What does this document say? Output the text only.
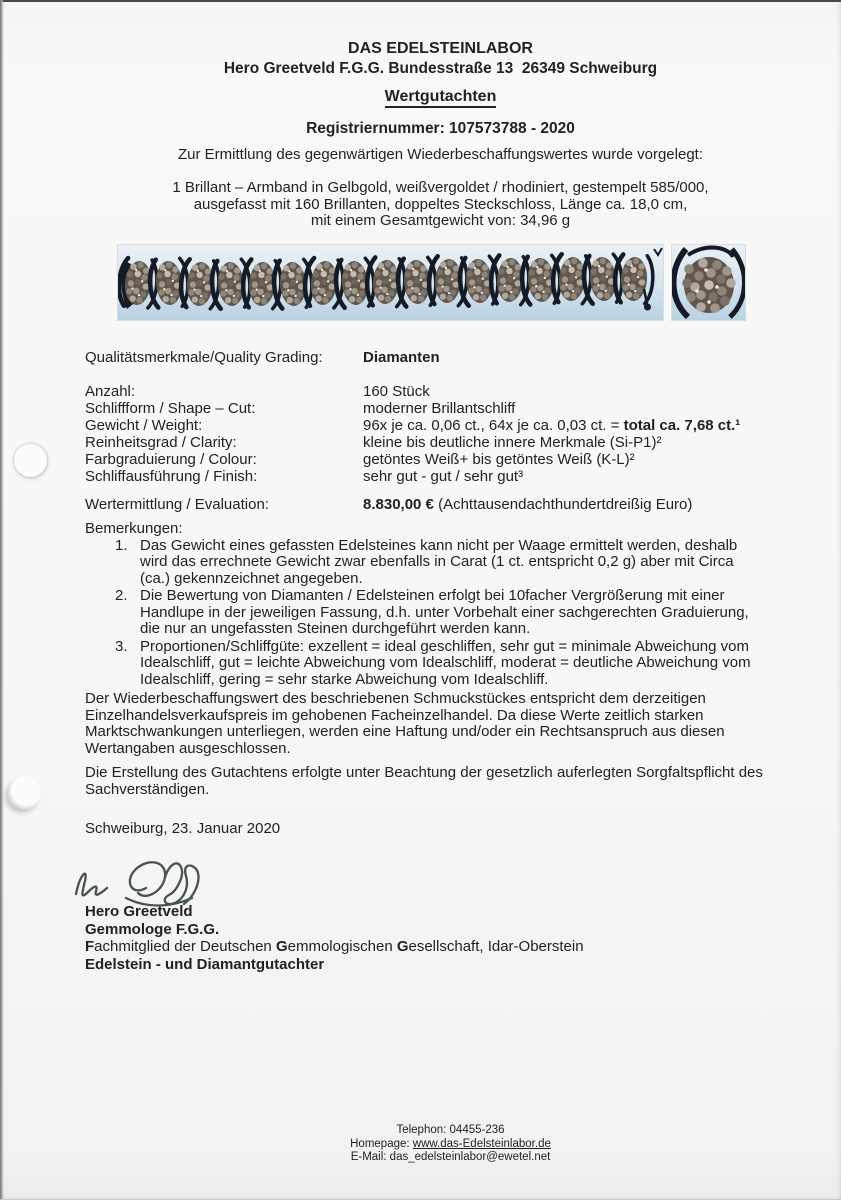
DAS EDELSTEINLABOR
Hero Greetveld F.G.G. Bundesstraße 13  26349 Schweiburg
Wertgutachten
Registriernummer: 107573788 - 2020
Zur Ermittlung des gegenwärtigen Wiederbeschaffungswertes wurde vorgelegt:
1 Brillant – Armband in Gelbgold, weißvergoldet / rhodiniert, gestempelt 585/000,
ausgefasst mit 160 Brillanten, doppeltes Steckschloss, Länge ca. 18,0 cm,
mit einem Gesamtgewicht von: 34,96 g
Qualitätsmerkmale/Quality Grading:	Diamanten
Anzahl:	160 Stück
Schliffform / Shape – Cut:	moderner Brillantschliff
Gewicht / Weight:	96x je ca. 0,06 ct., 64x je ca. 0,03 ct. = total ca. 7,68 ct.¹
Reinheitsgrad / Clarity:	kleine bis deutliche innere Merkmale (Si-P1)²
Farbgraduierung / Colour:	getöntes Weiß+ bis getöntes Weiß (K-L)²
Schliffausführung / Finish:	sehr gut - gut / sehr gut³
Wertermittlung / Evaluation:	8.830,00 € (Achttausendachthundertdreißig Euro)
Bemerkungen:
1. Das Gewicht eines gefassten Edelsteines kann nicht per Waage ermittelt werden, deshalb wird das errechnete Gewicht zwar ebenfalls in Carat (1 ct. entspricht 0,2 g) aber mit Circa (ca.) gekennzeichnet angegeben.
2. Die Bewertung von Diamanten / Edelsteinen erfolgt bei 10facher Vergrößerung mit einer Handlupe in der jeweiligen Fassung, d.h. unter Vorbehalt einer sachgerechten Graduierung, die nur an ungefassten Steinen durchgeführt werden kann.
3. Proportionen/Schliffgüte: exzellent = ideal geschliffen, sehr gut = minimale Abweichung vom Idealschliff, gut = leichte Abweichung vom Idealschliff, moderat = deutliche Abweichung vom Idealschliff, gering = sehr starke Abweichung vom Idealschliff.
Der Wiederbeschaffungswert des beschriebenen Schmuckstückes entspricht dem derzeitigen Einzelhandelsverkaufspreis im gehobenen Facheinzelhandel. Da diese Werte zeitlich starken Marktschwankungen unterliegen, werden eine Haftung und/oder ein Rechtsanspruch aus diesen Wertangaben ausgeschlossen.
Die Erstellung des Gutachtens erfolgte unter Beachtung der gesetzlich auferlegten Sorgfaltspflicht des Sachverständigen.
Schweiburg, 23. Januar 2020
Hero Greetveld
Gemmologe F.G.G.
Fachmitglied der Deutschen Gemmologischen Gesellschaft, Idar-Oberstein
Edelstein - und Diamantgutachter
Telephon: 04455-236
Homepage: www.das-Edelsteinlabor.de
E-Mail: das_edelsteinlabor@ewetel.net
